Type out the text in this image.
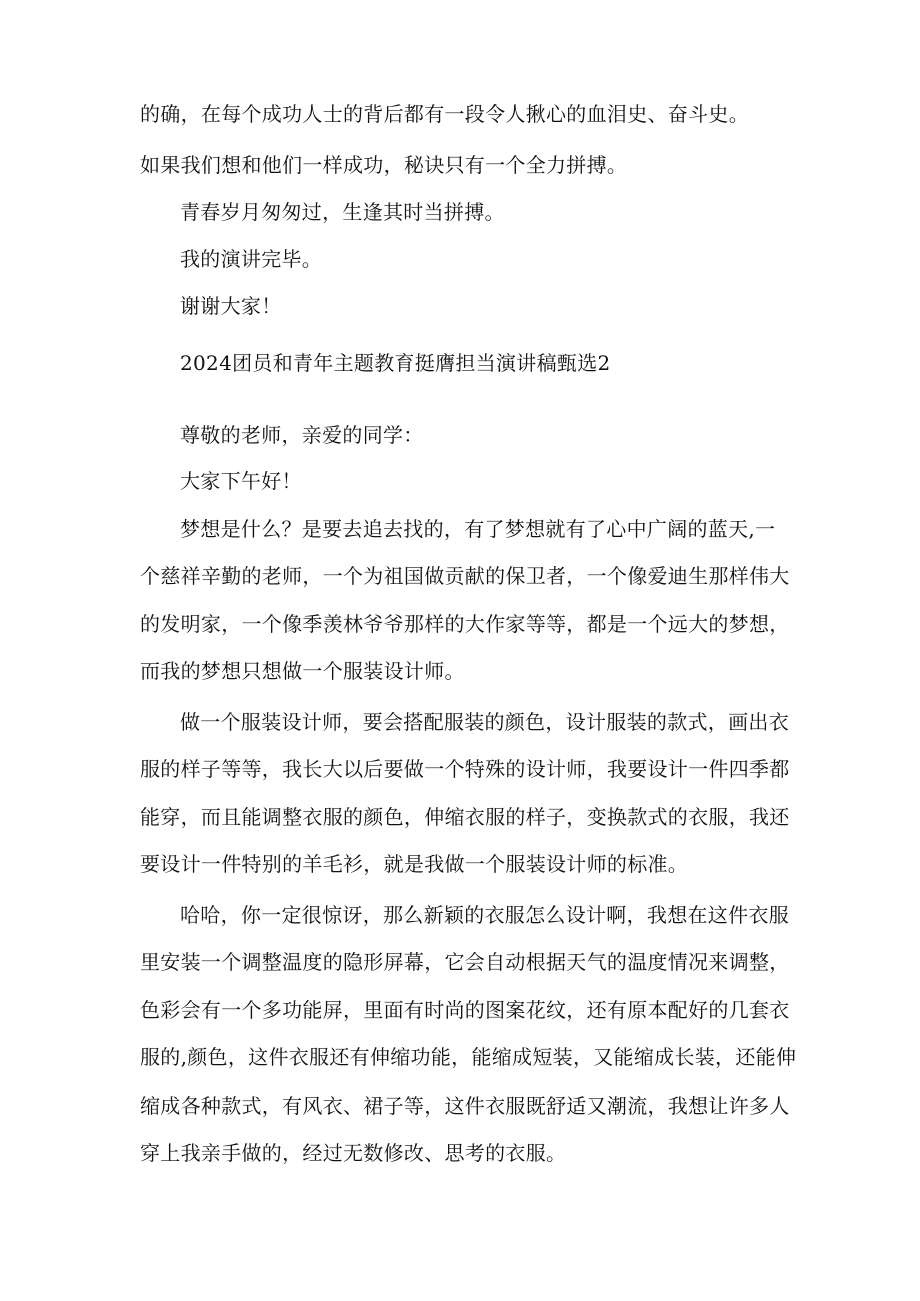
的确，在每个成功人士的背后都有一段令人揪心的血泪史、奋斗史。
如果我们想和他们一样成功，秘诀只有一个全力拼搏。
青春岁月匆匆过，生逢其时当拼搏。
我的演讲完毕。
谢谢大家！
2024团员和青年主题教育挺膺担当演讲稿甄选2
尊敬的老师，亲爱的同学：
大家下午好！
梦想是什么？是要去追去找的，有了梦想就有了心中广阔的蓝天,一
个慈祥辛勤的老师，一个为祖国做贡献的保卫者，一个像爱迪生那样伟大
的发明家，一个像季羡林爷爷那样的大作家等等，都是一个远大的梦想，
而我的梦想只想做一个服装设计师。
做一个服装设计师，要会搭配服装的颜色，设计服装的款式，画出衣
服的样子等等，我长大以后要做一个特殊的设计师，我要设计一件四季都
能穿，而且能调整衣服的颜色，伸缩衣服的样子，变换款式的衣服，我还
要设计一件特别的羊毛衫，就是我做一个服装设计师的标准。
哈哈，你一定很惊讶，那么新颖的衣服怎么设计啊，我想在这件衣服
里安装一个调整温度的隐形屏幕，它会自动根据天气的温度情况来调整，
色彩会有一个多功能屏，里面有时尚的图案花纹，还有原本配好的几套衣
服的,颜色，这件衣服还有伸缩功能，能缩成短装，又能缩成长装，还能伸
缩成各种款式，有风衣、裙子等，这件衣服既舒适又潮流，我想让许多人
穿上我亲手做的，经过无数修改、思考的衣服。
